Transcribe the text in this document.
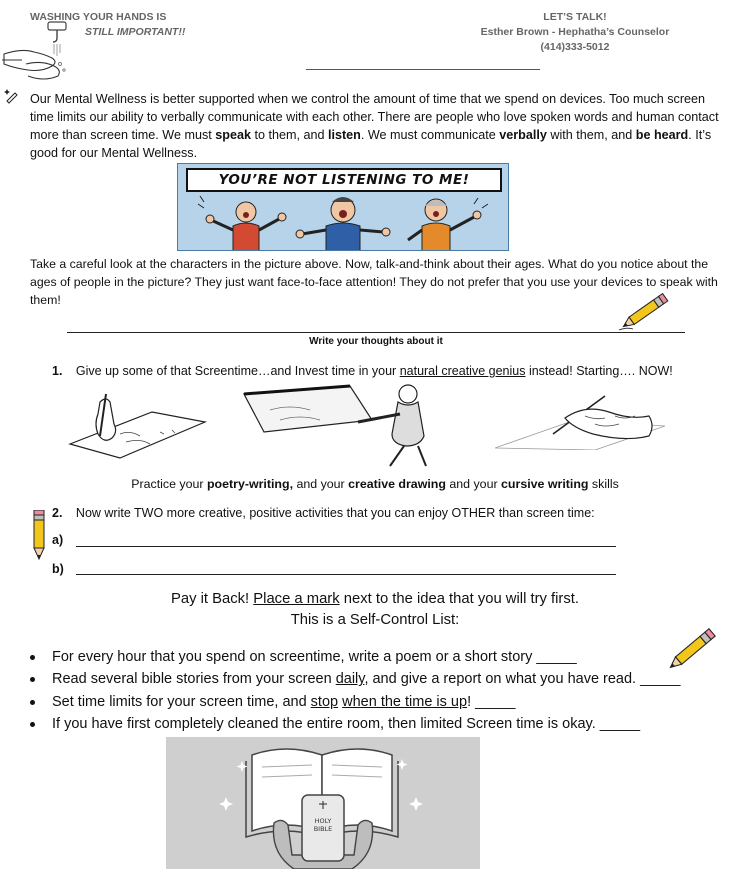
WASHING YOUR HANDS IS
STILL IMPORTANT!!
LET’S TALK!
Esther Brown - Hephatha’s Counselor
(414)333-5012
Our Mental Wellness is better supported when we control the amount of time that we spend on devices. Too much screen time limits our ability to verbally communicate with each other. There are people who love spoken words and human contact more than screen time. We must speak to them, and listen. We must communicate verbally with them, and be heard. It’s good for our Mental Wellness.
YOU’RE NOT LISTENING TO ME!
Take a careful look at the characters in the picture above. Now, talk-and-think about their ages. What do you notice about the ages of people in the picture? They just want face-to-face attention! They do not prefer that you use your devices to speak with them!
Write your thoughts about it
1. Give up some of that Screentime…and Invest time in your natural creative genius instead! Starting…. NOW!
Practice your poetry-writing, and your creative drawing and your cursive writing skills
2. Now write TWO more creative, positive activities that you can enjoy OTHER than screen time:
a)
b)
Pay it Back! Place a mark next to the idea that you will try first.
This is a Self-Control List:
For every hour that you spend on screentime, write a poem or a short story _____
Read several bible stories from your screen daily, and give a report on what you have read. _____
Set time limits for your screen time, and stop when the time is up! _____
If you have first completely cleaned the entire room, then limited Screen time is okay. _____
HOLY
BIBLE
